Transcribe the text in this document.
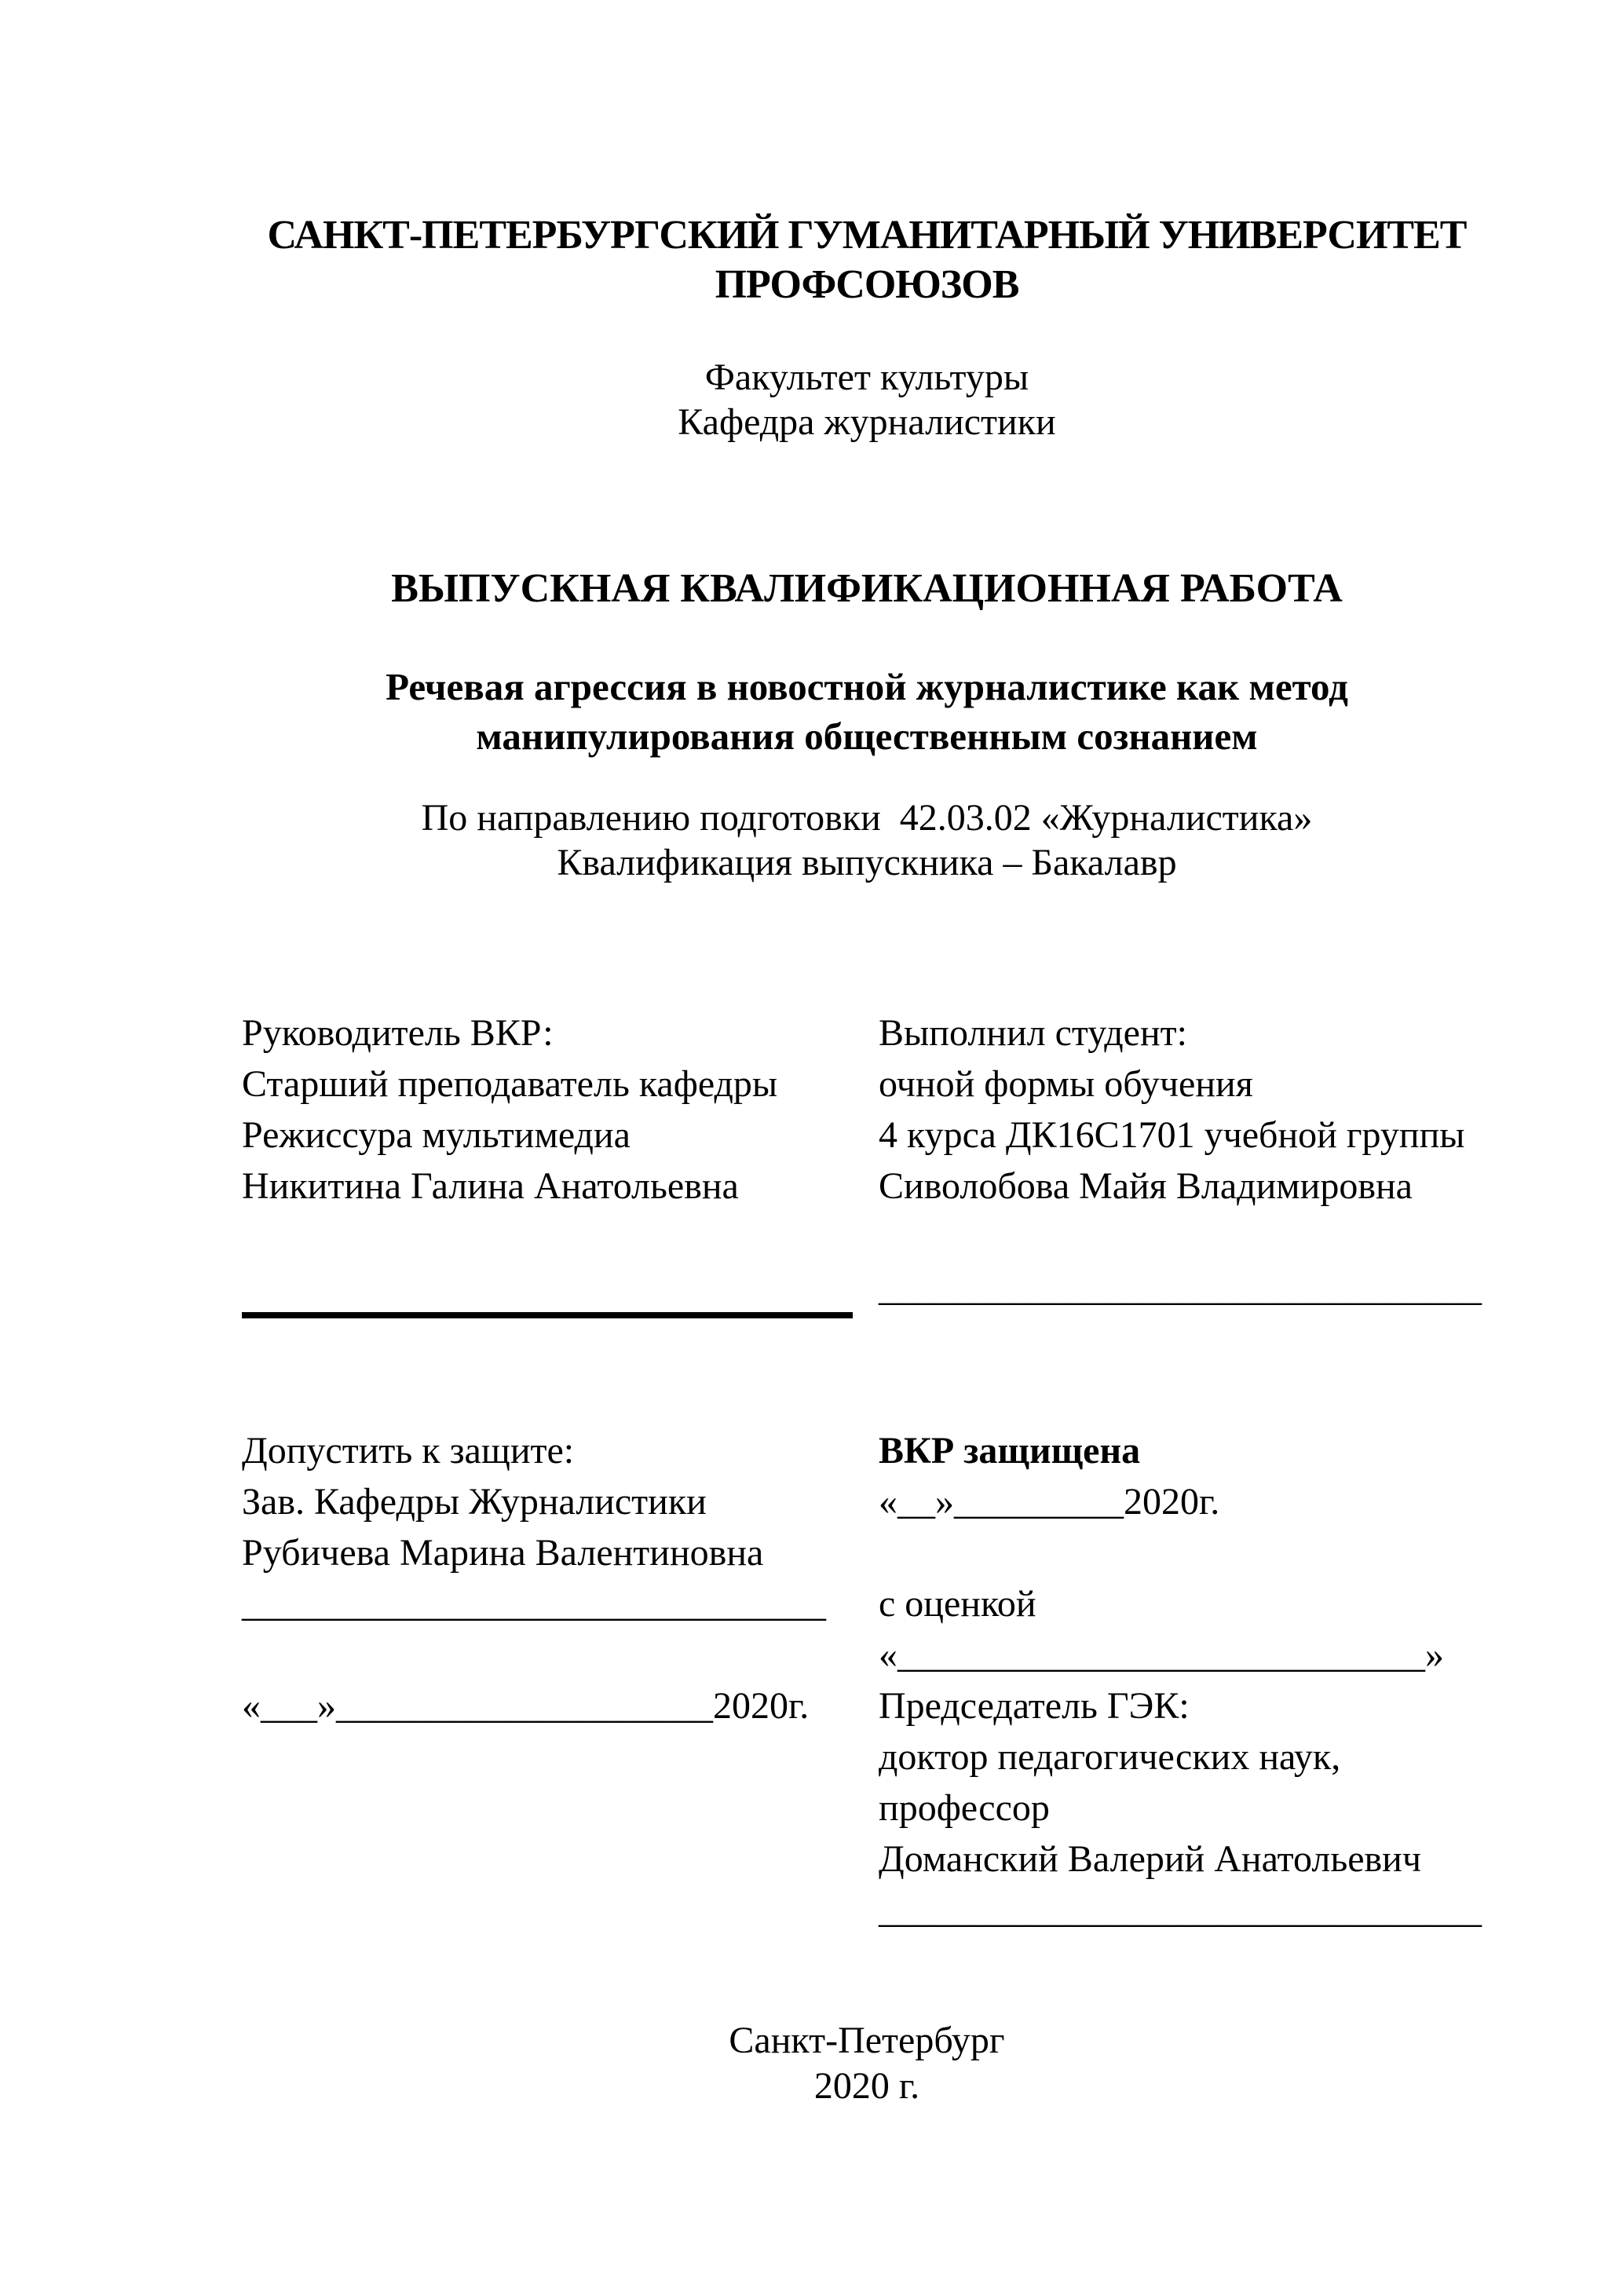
САНКТ-ПЕТЕРБУРГСКИЙ ГУМАНИТАРНЫЙ УНИВЕРСИТЕТ
ПРОФСОЮЗОВ
Факультет культуры
Кафедра журналистики
ВЫПУСКНАЯ КВАЛИФИКАЦИОННАЯ РАБОТА
Речевая агрессия в новостной журналистике как метод
манипулирования общественным сознанием
По направлению подготовки  42.03.02 «Журналистика»
Квалификация выпускника – Бакалавр
Руководитель ВКР:
Старший преподаватель кафедры
Режиссура мультимедиа
Никитина Галина Анатольевна
Выполнил студент:
очной формы обучения
4 курса ДК16С1701 учебной группы
Сиволобова Майя Владимировна
________________________________
Допустить к защите:
Зав. Кафедры Журналистики
Рубичева Марина Валентиновна
_______________________________
«___»____________________2020г.
ВКР защищена
«__»_________2020г.
с оценкой
«____________________________»
Председатель ГЭК:
доктор педагогических наук,
профессор
Доманский Валерий Анатольевич
________________________________
Санкт-Петербург
2020 г.
